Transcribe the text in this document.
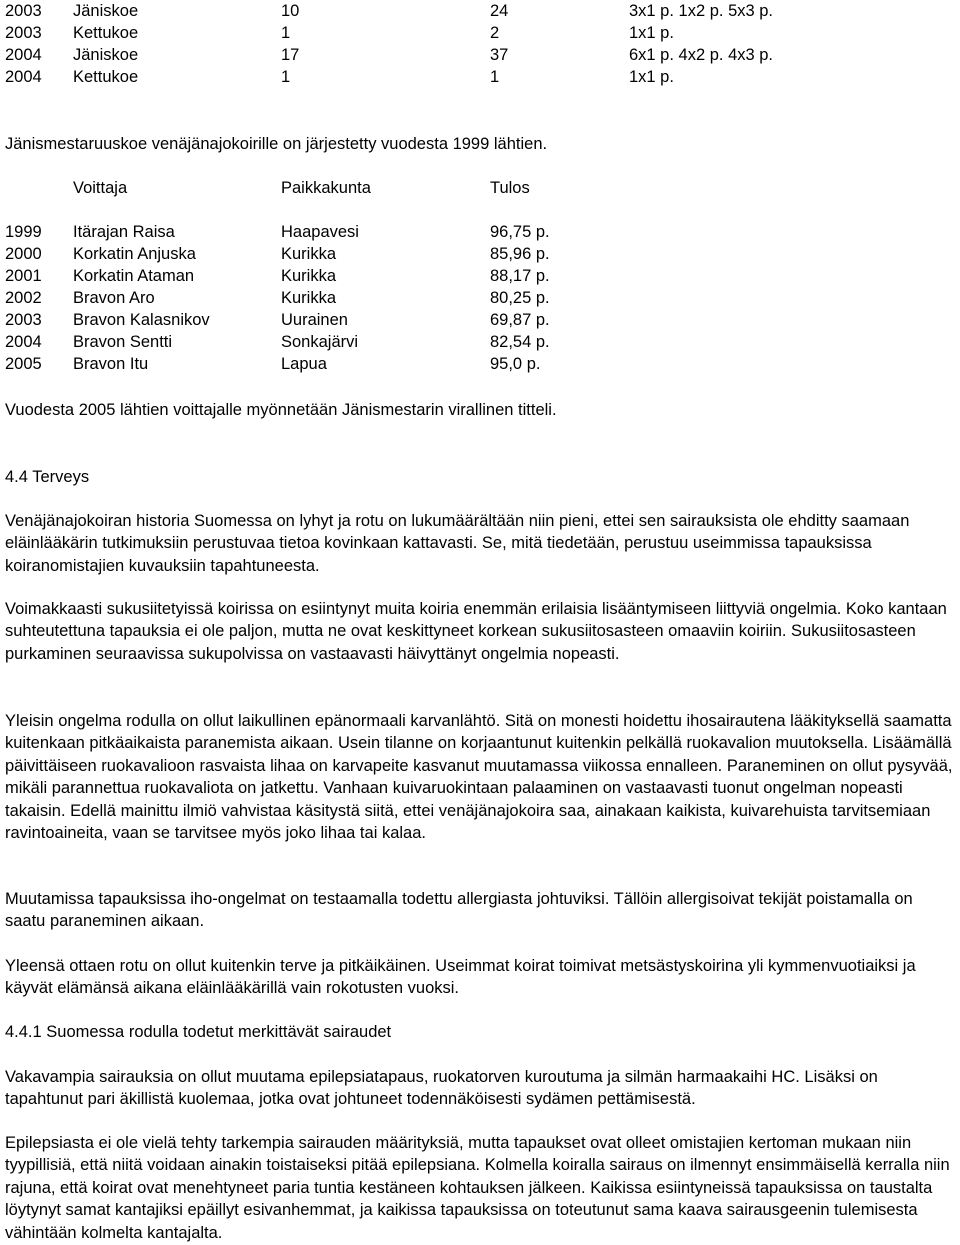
2003 Jäniskoe	10	24	3x1 p. 1x2 p. 5x3 p.
2003 Kettukoe	1	2	1x1 p.
2004 Jäniskoe	17	37	6x1 p. 4x2 p. 4x3 p.
2004 Kettukoe	1	1	1x1 p.
Jänismestaruuskoe venäjänajokoirille on järjestetty vuodesta 1999 lähtien.
Voittaja	Paikkakunta	Tulos
1999 Itärajan Raisa	Haapavesi	96,75 p.
2000 Korkatin Anjuska	Kurikka	85,96 p.
2001 Korkatin Ataman	Kurikka	88,17 p.
2002 Bravon Aro	Kurikka	80,25 p.
2003 Bravon Kalasnikov	Uurainen	69,87 p.
2004 Bravon Sentti	Sonkajärvi	82,54 p.
2005 Bravon Itu	Lapua	95,0 p.
Vuodesta 2005 lähtien voittajalle myönnetään Jänismestarin virallinen titteli.
4.4 Terveys

Venäjänajokoiran historia Suomessa on lyhyt ja rotu on lukumäärältään niin pieni, ettei sen sairauksista ole ehditty saamaan eläinlääkärin tutkimuksiin perustuvaa tietoa kovinkaan kattavasti. Se, mitä tiedetään, perustuu useimmissa tapauksissa koiranomistajien kuvauksiin tapahtuneesta.

Voimakkaasti sukusiitetyissä koirissa on esiintynyt muita koiria enemmän erilaisia lisääntymiseen liittyviä ongelmia. Koko kantaan suhteutettuna tapauksia ei ole paljon, mutta ne ovat keskittyneet korkean sukusiitosasteen omaaviin koiriin. Sukusiitosasteen purkaminen seuraavissa sukupolvissa on vastaavasti häivyttänyt ongelmia nopeasti.

Yleisin ongelma rodulla on ollut laikullinen epänormaali karvanlähtö. Sitä on monesti hoidettu ihosairautena lääkityksellä saamatta kuitenkaan pitkäaikaista paranemista aikaan. Usein tilanne on korjaantunut kuitenkin pelkällä ruokavalion muutoksella. Lisäämällä päivittäiseen ruokavalioon rasvaista lihaa on karvapeite kasvanut muutamassa viikossa ennalleen. Paraneminen on ollut pysyvää, mikäli parannettua ruokavaliota on jatkettu. Vanhaan kuivaruokintaan palaaminen on vastaavasti tuonut ongelman nopeasti takaisin. Edellä mainittu ilmiö vahvistaa käsitystä siitä, ettei venäjänajokoira saa, ainakaan kaikista, kuivarehuista tarvitsemiaan ravintoaineita, vaan se tarvitsee myös joko lihaa tai kalaa.

Muutamissa tapauksissa iho-ongelmat on testaamalla todettu allergiasta johtuviksi. Tällöin allergisoivat tekijät poistamalla on saatu paraneminen aikaan.

Yleensä ottaen rotu on ollut kuitenkin terve ja pitkäikäinen. Useimmat koirat toimivat metsästyskoirina yli kymmenvuotiaiksi ja käyvät elämänsä aikana eläinlääkärillä vain rokotusten vuoksi.

4.4.1 Suomessa rodulla todetut merkittävät sairaudet

Vakavampia sairauksia on ollut muutama epilepsiatapaus, ruokatorven kuroutuma ja silmän harmaakaihi HC. Lisäksi on tapahtunut pari äkillistä kuolemaa, jotka ovat johtuneet todennäköisesti sydämen pettämisestä.

Epilepsiasta ei ole vielä tehty tarkempia sairauden määrityksiä, mutta tapaukset ovat olleet omistajien kertoman mukaan niin tyypillisiä, että niitä voidaan ainakin toistaiseksi pitää epilepsiana. Kolmella koiralla sairaus on ilmennyt ensimmäisellä kerralla niin rajuna, että koirat ovat menehtyneet paria tuntia kestäneen kohtauksen jälkeen. Kaikissa esiintyneissä tapauksissa on taustalta löytynyt samat kantajiksi epäillyt esivanhemmat, ja kaikissa tapauksissa on toteutunut sama kaava sairausgeenin tulemisesta vähintään kolmelta kantajalta.
